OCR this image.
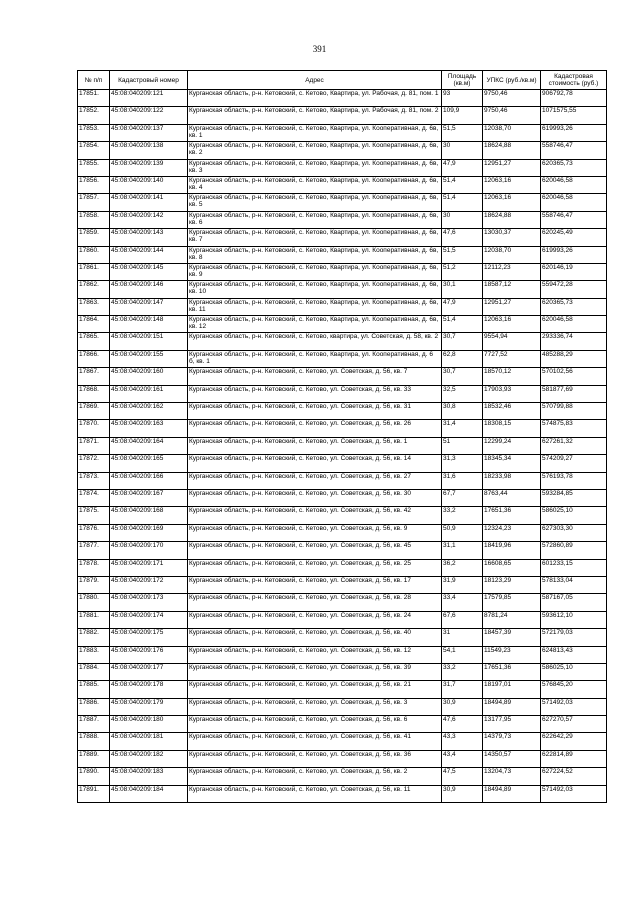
391
№ п/п	Кадастровый номер	Адрес	Площадь (кв.м)	УПКС (руб./кв.м)	Кадастровая стоимость (руб.)
17851.	45:08:040209:121	Курганская область, р-н. Кетовский, с. Кетово, Квартира, ул. Рабочая, д. 81, пом. 1	93	9750,46	906792,78
17852.	45:08:040209:122	Курганская область, р-н. Кетовский, с. Кетово, Квартира, ул. Рабочая, д. 81, пом. 2	109,9	9750,46	1071575,55
17853.	45:08:040209:137	Курганская область, р-н. Кетовский, с. Кетово, Квартира, ул. Кооперативная, д. 6в, кв. 1	51,5	12038,70	619993,26
17854.	45:08:040209:138	Курганская область, р-н. Кетовский, с. Кетово, Квартира, ул. Кооперативная, д. 6в, кв. 2	30	18624,88	558746,47
17855.	45:08:040209:139	Курганская область, р-н. Кетовский, с. Кетово, Квартира, ул. Кооперативная, д. 6в, кв. 3	47,9	12951,27	620365,73
17856.	45:08:040209:140	Курганская область, р-н. Кетовский, с. Кетово, Квартира, ул. Кооперативная, д. 6в, кв. 4	51,4	12063,16	620046,58
17857.	45:08:040209:141	Курганская область, р-н. Кетовский, с. Кетово, Квартира, ул. Кооперативная, д. 6в, кв. 5	51,4	12063,16	620046,58
17858.	45:08:040209:142	Курганская область, р-н. Кетовский, с. Кетово, Квартира, ул. Кооперативная, д. 6в, кв. 6	30	18624,88	558746,47
17859.	45:08:040209:143	Курганская область, р-н. Кетовский, с. Кетово, Квартира, ул. Кооперативная, д. 6в, кв. 7	47,6	13030,37	620245,49
17860.	45:08:040209:144	Курганская область, р-н. Кетовский, с. Кетово, Квартира, ул. Кооперативная, д. 6в, кв. 8	51,5	12038,70	619993,26
17861.	45:08:040209:145	Курганская область, р-н. Кетовский, с. Кетово, Квартира, ул. Кооперативная, д. 6в, кв. 9	51,2	12112,23	620146,19
17862.	45:08:040209:146	Курганская область, р-н. Кетовский, с. Кетово, Квартира, ул. Кооперативная, д. 6в, кв. 10	30,1	18587,12	559472,28
17863.	45:08:040209:147	Курганская область, р-н. Кетовский, с. Кетово, Квартира, ул. Кооперативная, д. 6в, кв. 11	47,9	12951,27	620365,73
17864.	45:08:040209:148	Курганская область, р-н. Кетовский, с. Кетово, Квартира, ул. Кооперативная, д. 6в, кв. 12	51,4	12063,16	620046,58
17865.	45:08:040209:151	Курганская область, р-н. Кетовский, с. Кетово, квартира, ул. Советская, д. 58, кв. 2	30,7	9554,94	293336,74
17866.	45:08:040209:155	Курганская область, р-н. Кетовский, с. Кетово, Квартира, ул. Кооперативная, д. 6 б, кв. 1	62,8	7727,52	485288,29
17867.	45:08:040209:160	Курганская область, р-н. Кетовский, с. Кетово, ул. Советская, д. 56, кв. 7	30,7	18570,12	570102,56
17868.	45:08:040209:161	Курганская область, р-н. Кетовский, с. Кетово, ул. Советская, д. 56, кв. 33	32,5	17903,93	581877,69
17869.	45:08:040209:162	Курганская область, р-н. Кетовский, с. Кетово, ул. Советская, д. 56, кв. 31	30,8	18532,46	570799,88
17870.	45:08:040209:163	Курганская область, р-н. Кетовский, с. Кетово, ул. Советская, д. 56, кв. 26	31,4	18308,15	574875,83
17871.	45:08:040209:164	Курганская область, р-н. Кетовский, с. Кетово, ул. Советская, д. 56, кв. 1	51	12299,24	627261,32
17872.	45:08:040209:165	Курганская область, р-н. Кетовский, с. Кетово, ул. Советская, д. 56, кв. 14	31,3	18345,34	574209,27
17873.	45:08:040209:166	Курганская область, р-н. Кетовский, с. Кетово, ул. Советская, д. 56, кв. 27	31,6	18233,98	576193,78
17874.	45:08:040209:167	Курганская область, р-н. Кетовский, с. Кетово, ул. Советская, д. 56, кв. 30	67,7	8763,44	593284,85
17875.	45:08:040209:168	Курганская область, р-н. Кетовский, с. Кетово, ул. Советская, д. 56, кв. 42	33,2	17651,36	586025,10
17876.	45:08:040209:169	Курганская область, р-н. Кетовский, с. Кетово, ул. Советская, д. 56, кв. 9	50,9	12324,23	627303,30
17877.	45:08:040209:170	Курганская область, р-н. Кетовский, с. Кетово, ул. Советская, д. 56, кв. 45	31,1	18419,96	572860,89
17878.	45:08:040209:171	Курганская область, р-н. Кетовский, с. Кетово, ул. Советская, д. 56, кв. 25	36,2	16608,65	601233,15
17879.	45:08:040209:172	Курганская область, р-н. Кетовский, с. Кетово, ул. Советская, д. 56, кв. 17	31,9	18123,29	578133,04
17880.	45:08:040209:173	Курганская область, р-н. Кетовский, с. Кетово, ул. Советская, д. 56, кв. 28	33,4	17579,85	587167,05
17881.	45:08:040209:174	Курганская область, р-н. Кетовский, с. Кетово, ул. Советская, д. 56, кв. 24	67,6	8781,24	593612,10
17882.	45:08:040209:175	Курганская область, р-н. Кетовский, с. Кетово, ул. Советская, д. 56, кв. 40	31	18457,39	572179,03
17883.	45:08:040209:176	Курганская область, р-н. Кетовский, с. Кетово, ул. Советская, д. 56, кв. 12	54,1	11549,23	624813,43
17884.	45:08:040209:177	Курганская область, р-н. Кетовский, с. Кетово, ул. Советская, д. 56, кв. 39	33,2	17651,36	586025,10
17885.	45:08:040209:178	Курганская область, р-н. Кетовский, с. Кетово, ул. Советская, д. 56, кв. 21	31,7	18197,01	576845,20
17886.	45:08:040209:179	Курганская область, р-н. Кетовский, с. Кетово, ул. Советская, д. 56, кв. 3	30,9	18494,89	571492,03
17887.	45:08:040209:180	Курганская область, р-н. Кетовский, с. Кетово, ул. Советская, д. 56, кв. 6	47,6	13177,95	627270,57
17888.	45:08:040209:181	Курганская область, р-н. Кетовский, с. Кетово, ул. Советская, д. 56, кв. 41	43,3	14379,73	622642,29
17889.	45:08:040209:182	Курганская область, р-н. Кетовский, с. Кетово, ул. Советская, д. 56, кв. 36	43,4	14350,57	622814,89
17890.	45:08:040209:183	Курганская область, р-н. Кетовский, с. Кетово, ул. Советская, д. 56, кв. 2	47,5	13204,73	627224,52
17891.	45:08:040209:184	Курганская область, р-н. Кетовский, с. Кетово, ул. Советская, д. 56, кв. 11	30,9	18494,89	571492,03
